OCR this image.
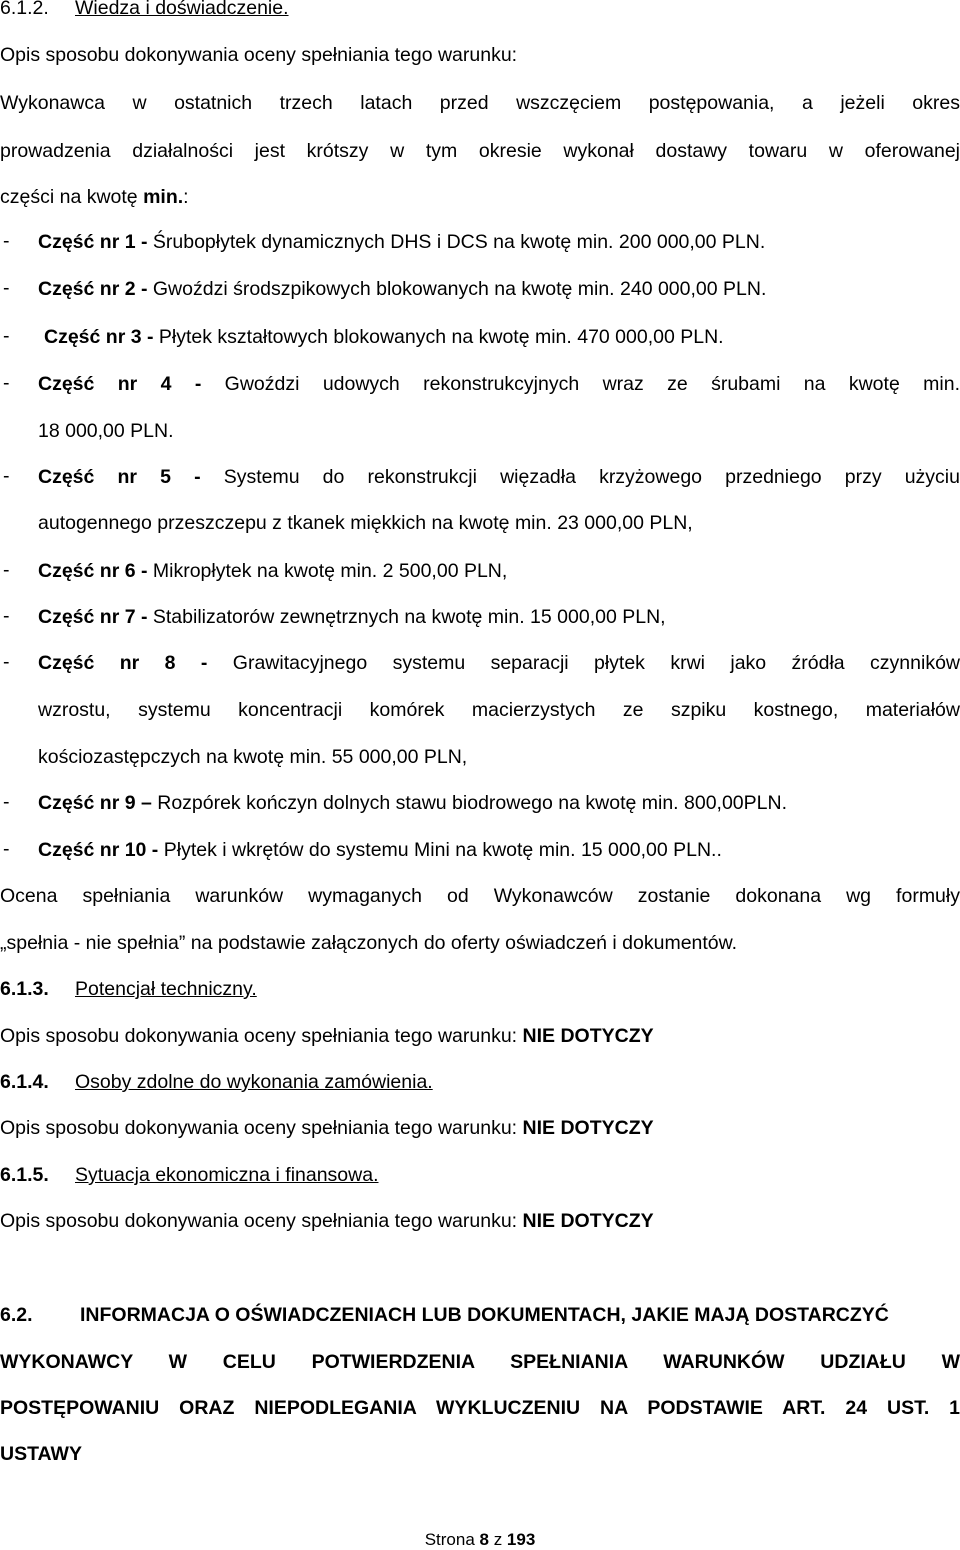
6.1.2. Wiedza i doświadczenie.
Opis sposobu dokonywania oceny spełniania tego warunku:
Wykonawca w ostatnich trzech latach przed wszczęciem postępowania, a jeżeli okres
prowadzenia działalności jest krótszy w tym okresie wykonał dostawy towaru w oferowanej
części na kwotę min.:
- Część nr 1 - Śrubopłytek dynamicznych DHS i DCS na kwotę min. 200 000,00 PLN.
- Część nr 2 - Gwoździ środszpikowych blokowanych na kwotę min. 240 000,00 PLN.
- Część nr 3 - Płytek kształtowych blokowanych na kwotę min. 470 000,00 PLN.
- Część nr 4 - Gwoździ udowych rekonstrukcyjnych wraz ze śrubami na kwotę min.
18 000,00 PLN.
- Część nr 5 - Systemu do rekonstrukcji więzadła krzyżowego przedniego przy użyciu
autogennego przeszczepu z tkanek miękkich na kwotę min. 23 000,00 PLN,
- Część nr 6 - Mikropłytek na kwotę min. 2 500,00 PLN,
- Część nr 7 - Stabilizatorów zewnętrznych na kwotę min. 15 000,00 PLN,
- Część nr 8 - Grawitacyjnego systemu separacji płytek krwi jako źródła czynników
wzrostu, systemu koncentracji komórek macierzystych ze szpiku kostnego, materiałów
kościozastępczych na kwotę min. 55 000,00 PLN,
- Część nr 9 – Rozpórek kończyn dolnych stawu biodrowego na kwotę min. 800,00PLN.
- Część nr 10 - Płytek i wkrętów do systemu Mini na kwotę min. 15 000,00 PLN..
Ocena spełniania warunków wymaganych od Wykonawców zostanie dokonana wg formuły
„spełnia - nie spełnia” na podstawie załączonych do oferty oświadczeń i dokumentów.
6.1.3. Potencjał techniczny.
Opis sposobu dokonywania oceny spełniania tego warunku: NIE DOTYCZY
6.1.4. Osoby zdolne do wykonania zamówienia.
Opis sposobu dokonywania oceny spełniania tego warunku: NIE DOTYCZY
6.1.5. Sytuacja ekonomiczna i finansowa.
Opis sposobu dokonywania oceny spełniania tego warunku: NIE DOTYCZY
6.2. INFORMACJA O OŚWIADCZENIACH LUB DOKUMENTACH, JAKIE MAJĄ DOSTARCZYĆ
WYKONAWCY W CELU POTWIERDZENIA SPEŁNIANIA WARUNKÓW UDZIAŁU W
POSTĘPOWANIU ORAZ NIEPODLEGANIA WYKLUCZENIU NA PODSTAWIE ART. 24 UST. 1
USTAWY
Strona 8 z 193
